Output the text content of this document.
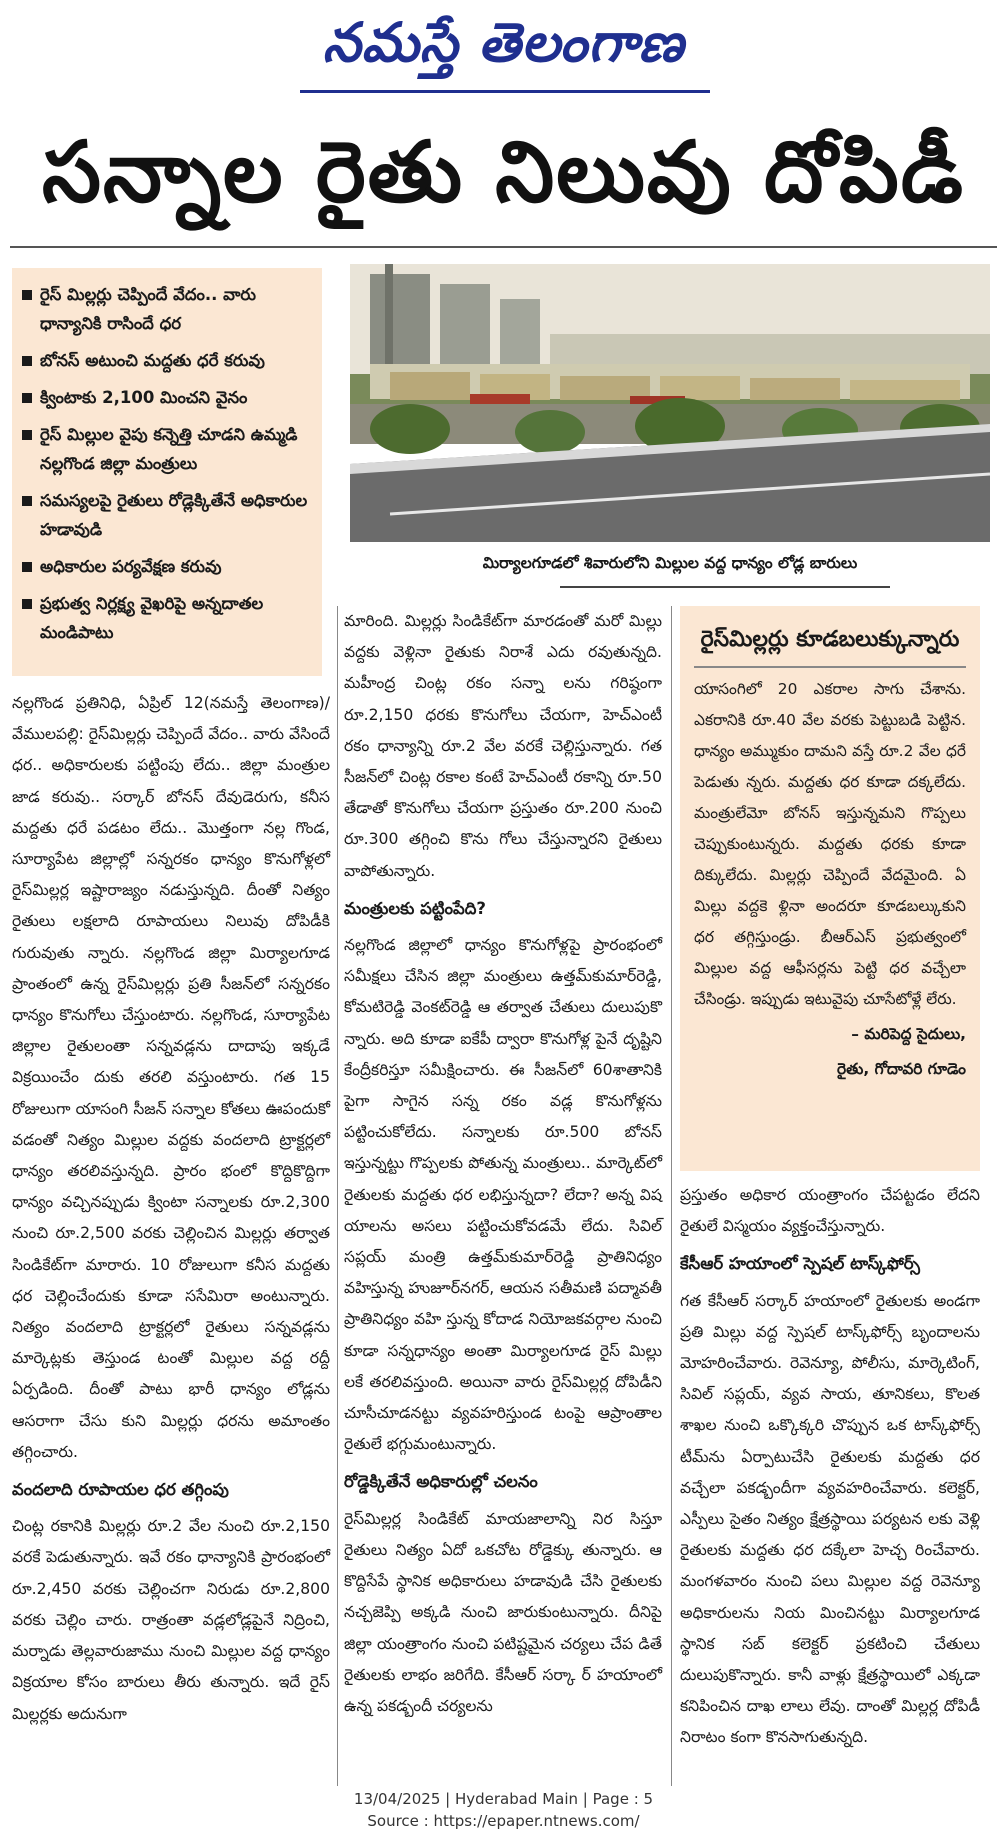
నమస్తే తెలంగాణ
సన్నాల రైతు నిలువు దోపిడీ
రైస్ మిల్లర్లు చెప్పిందే వేదం.. వారు ధాన్యానికి రాసిందే ధర
బోనస్ అటుంచి మద్దతు ధరే కరువు
క్వింటాకు 2,100 మించని వైనం
రైస్ మిల్లుల వైపు కన్నెత్తి చూడని ఉమ్మడి నల్లగొండ జిల్లా మంత్రులు
సమస్యలపై రైతులు రోడ్లెక్కితేనే అధికారుల హడావుడి
అధికారుల పర్యవేక్షణ కరువు
ప్రభుత్వ నిర్లక్ష్య వైఖరిపై అన్నదాతల మండిపాటు
మిర్యాలగూడలో శివారులోని మిల్లుల వద్ద ధాన్యం లోడ్ల బారులు

నల్లగొండ ప్రతినిధి, ఏప్రిల్ 12(నమస్తే తెలంగాణ)/వేములపల్లి: రైస్‌మిల్లర్లు చెప్పిందే వేదం.. వారు వేసిందే ధర.. అధికారులకు పట్టింపు లేదు.. జిల్లా మంత్రుల జాడ కరువు.. సర్కార్ బోనస్ దేవుడెరుగు, కనీస మద్దతు ధరే పడటం లేదు.. మొత్తంగా నల్ల గొండ, సూర్యాపేట జిల్లాల్లో సన్నరకం ధాన్యం కొనుగోళ్లలో రైస్‌మిల్లర్ల ఇష్టారాజ్యం నడుస్తున్నది. దీంతో నిత్యం రైతులు లక్షలాది రూపాయలు నిలువు దోపిడీకి గురువుతు న్నారు. నల్లగొండ జిల్లా మిర్యాలగూడ ప్రాంతంలో ఉన్న రైస్‌మిల్లర్లు ప్రతి సీజన్‌లో సన్నరకం ధాన్యం కొనుగోలు చేస్తుంటారు. నల్లగొండ, సూర్యాపేట జిల్లాల రైతులంతా సన్నవడ్లను దాదాపు ఇక్కడే విక్రయించేం దుకు తరలి వస్తుంటారు. గత 15 రోజులుగా యాసంగి సీజన్ సన్నాల కోతలు ఊపందుకో వడంతో నిత్యం మిల్లుల వద్దకు వందలాది ట్రాక్టర్లలో ధాన్యం తరలివస్తున్నది. ప్రారం భంలో కొద్దికొద్దిగా ధాన్యం వచ్చినప్పుడు క్వింటా సన్నాలకు రూ.2,300 నుంచి రూ.2,500 వరకు చెల్లించిన మిల్లర్లు తర్వాత సిండికేట్‌గా మారారు. 10 రోజులుగా కనీస మద్దతు ధర చెల్లించేందుకు కూడా ససేమిరా అంటున్నారు. నిత్యం వందలాది ట్రాక్టర్లలో రైతులు సన్నవడ్లను మార్కెట్లకు తెస్తుండ టంతో మిల్లుల వద్ద రద్దీ ఏర్పడింది. దీంతో పాటు భారీ ధాన్యం లోడ్లను ఆసరాగా చేసు కుని మిల్లర్లు ధరను అమాంతం తగ్గించారు.

వందలాది రూపాయల ధర తగ్గింపు

చింట్ల రకానికి మిల్లర్లు రూ.2 వేల నుంచి రూ.2,150 వరకే పెడుతున్నారు. ఇవే రకం ధాన్యానికి ప్రారంభంలో రూ.2,450 వరకు చెల్లించగా నిరుడు రూ.2,800 వరకు చెల్లిం చారు. రాత్రంతా వడ్లలోడ్లపైనే నిద్రించి, మర్నాడు తెల్లవారుజాము నుంచి మిల్లుల వద్ద ధాన్యం విక్రయాల కోసం బారులు తీరు తున్నారు. ఇదే రైస్ మిల్లర్లకు అదునుగా

మారింది. మిల్లర్లు సిండికేట్‌గా మారడంతో మరో మిల్లు వద్దకు వెళ్లినా రైతుకు నిరాశే ఎదు రవుతున్నది. మహీంద్ర చింట్ల రకం సన్నా లను గరిష్ఠంగా రూ.2,150 ధరకు కొనుగోలు చేయగా, హెచ్‌ఎంటీ రకం ధాన్యాన్ని రూ.2 వేల వరకే చెల్లిస్తున్నారు. గత సీజన్‌లో చింట్ల రకాల కంటే హెచ్‌ఎంటీ రకాన్ని రూ.50 తేడాతో కొనుగోలు చేయగా ప్రస్తుతం రూ.200 నుంచి రూ.300 తగ్గించి కొను గోలు చేస్తున్నారని రైతులు వాపోతున్నారు.

మంత్రులకు పట్టింపేది?

నల్లగొండ జిల్లాలో ధాన్యం కొనుగోళ్లపై ప్రారంభంలో సమీక్షలు చేసిన జిల్లా మంత్రులు ఉత్తమ్‌కుమార్‌రెడ్డి, కోమటిరెడ్డి వెంకట్‌రెడ్డి ఆ తర్వాత చేతులు దులుపుకొ న్నారు. అది కూడా ఐకేపీ ద్వారా కొనుగోళ్ల పైనే దృష్టిని కేంద్రీకరిస్తూ సమీక్షించారు. ఈ సీజన్‌లో 60శాతానికి పైగా సాగైన సన్న రకం వడ్ల కొనుగోళ్లను పట్టించుకోలేదు. సన్నాలకు రూ.500 బోనస్ ఇస్తున్నట్టు గొప్పలకు పోతున్న మంత్రులు.. మార్కెట్‌లో రైతులకు మద్దతు ధర లభిస్తున్నదా? లేదా? అన్న విష యాలను అసలు పట్టించుకోవడమే లేదు. సివిల్ సప్లయ్ మంత్రి ఉత్తమ్‌కుమార్‌రెడ్డి ప్రాతినిధ్యం వహిస్తున్న హుజూర్‌నగర్, ఆయన సతీమణి పద్మావతీ ప్రాతినిధ్యం వహి స్తున్న కోదాడ నియోజకవర్గాల నుంచి కూడా సన్నధాన్యం అంతా మిర్యాలగూడ రైస్ మిల్లు లకే తరలివస్తుంది. అయినా వారు రైస్‌మిల్లర్ల దోపిడీని చూసీచూడనట్టు వ్యవహరిస్తుండ టంపై ఆప్రాంతాల రైతులే భగ్గుమంటున్నారు.

రోడ్డెక్కితేనే అధికారుల్లో చలనం

రైస్‌మిల్లర్ల సిండికేట్ మాయజాలాన్ని నిర సిస్తూ రైతులు నిత్యం ఏదో ఒకచోట రోడ్డెక్కు తున్నారు. ఆ కొద్దిసేపే స్థానిక అధికారులు హడావుడి చేసి రైతులకు నచ్చజెప్పి అక్కడి నుంచి జారుకుంటున్నారు. దీనిపై జిల్లా యంత్రాంగం నుంచి పటిష్టమైన చర్యలు చేప డితే రైతులకు లాభం జరిగేది. కేసీఆర్ సర్కా ర్ హయాంలో ఉన్న పకడ్బందీ చర్యలను

రైస్‌మిల్లర్లు కూడబలుక్కున్నారు
యాసంగిలో 20 ఎకరాల సాగు చేశాను. ఎకరానికి రూ.40 వేల వరకు పెట్టుబడి పెట్టిన. ధాన్యం అమ్ముకుం దామని వస్తే రూ.2 వేల ధరే పెడుతు న్నరు. మద్దతు ధర కూడా దక్కలేదు. మంత్రులేమో బోనస్ ఇస్తున్నమని గొప్పలు చెప్పుకుంటున్నరు. మద్దతు ధరకు కూడా దిక్కులేదు. మిల్లర్లు చెప్పిందే వేదమైంది. ఏ మిల్లు వద్దకె ళ్లినా అందరూ కూడబల్కుకుని ధర తగ్గిస్తుండ్రు. బీఆర్‌ఎస్ ప్రభుత్వంలో మిల్లుల వద్ద ఆఫీసర్లను పెట్టి ధర వచ్చేలా చేసిండ్రు. ఇప్పుడు ఇటువైపు చూసేటోళ్లే లేరు.
– మరిపెద్ద సైదులు,
రైతు, గోదావరి గూడెం

ప్రస్తుతం అధికార యంత్రాంగం చేపట్టడం లేదని రైతులే విస్మయం వ్యక్తంచేస్తున్నారు.

కేసీఆర్ హయాంలో స్పెషల్ టాస్క్‌ఫోర్స్

గత కేసీఆర్ సర్కార్ హయాంలో రైతులకు అండగా ప్రతి మిల్లు వద్ద స్పెషల్ టాస్క్‌ఫోర్స్ బృందాలను మోహరించేవారు. రెవెన్యూ, పోలీసు, మార్కెటింగ్, సివిల్ సప్లయ్, వ్యవ సాయ, తూనికలు, కొలత శాఖల నుంచి ఒక్కొక్కరి చొప్పున ఒక టాస్క్‌ఫోర్స్ టీమ్‌ను ఏర్పాటుచేసి రైతులకు మద్దతు ధర వచ్చేలా పకడ్బందీగా వ్యవహరించేవారు. కలెక్టర్, ఎస్పీలు సైతం నిత్యం క్షేత్రస్థాయి పర్యటన లకు వెళ్లి రైతులకు మద్దతు ధర దక్కేలా హెచ్చ రించేవారు. మంగళవారం నుంచి పలు మిల్లుల వద్ద రెవెన్యూ అధికారులను నియ మించినట్టు మిర్యాలగూడ స్థానిక సబ్ కలెక్టర్ ప్రకటించి చేతులు దులుపుకొన్నారు. కానీ వాళ్లు క్షేత్రస్థాయిలో ఎక్కడా కనిపించిన దాఖ లాలు లేవు. దాంతో మిల్లర్ల దోపిడీ నిరాటం కంగా కొనసాగుతున్నది.

13/04/2025 | Hyderabad Main | Page : 5
Source : https://epaper.ntnews.com/
